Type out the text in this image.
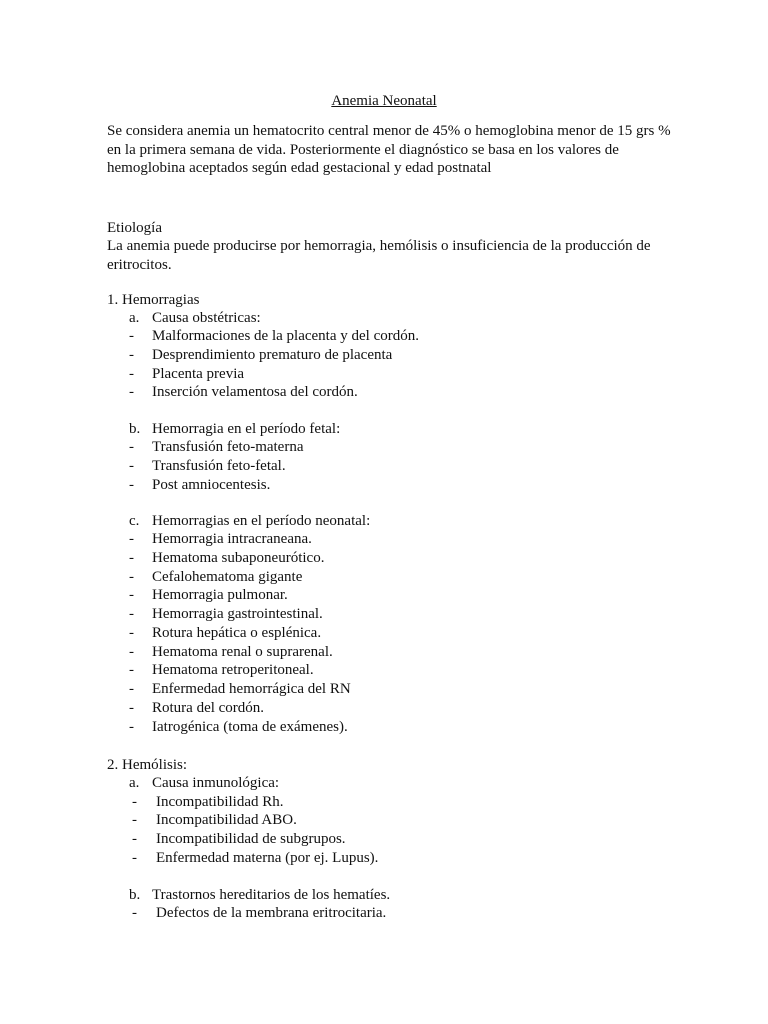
Anemia Neonatal
Se considera anemia un hematocrito central menor de 45% o hemoglobina menor de 15 grs % en la primera semana de vida. Posteriormente el diagnóstico se basa en los valores de hemoglobina aceptados según edad gestacional y edad postnatal
Etiología
La anemia puede producirse por hemorragia, hemólisis o insuficiencia de la producción de eritrocitos.
1. Hemorragias
a. Causa obstétricas:
- Malformaciones de la placenta y del cordón.
- Desprendimiento prematuro de placenta
- Placenta previa
- Inserción velamentosa del cordón.
b. Hemorragia en el período fetal:
- Transfusión feto-materna
- Transfusión feto-fetal.
- Post amniocentesis.
c. Hemorragias en el período neonatal:
- Hemorragia intracraneana.
- Hematoma subaponeurótico.
- Cefalohematoma gigante
- Hemorragia pulmonar.
- Hemorragia gastrointestinal.
- Rotura hepática o esplénica.
- Hematoma renal o suprarenal.
- Hematoma retroperitoneal.
- Enfermedad hemorrágica del RN
- Rotura del cordón.
- Iatrogénica (toma de exámenes).
2. Hemólisis:
a. Causa inmunológica:
- Incompatibilidad Rh.
- Incompatibilidad ABO.
- Incompatibilidad de subgrupos.
- Enfermedad materna (por ej. Lupus).
b. Trastornos hereditarios de los hematíes.
- Defectos de la membrana eritrocitaria.
